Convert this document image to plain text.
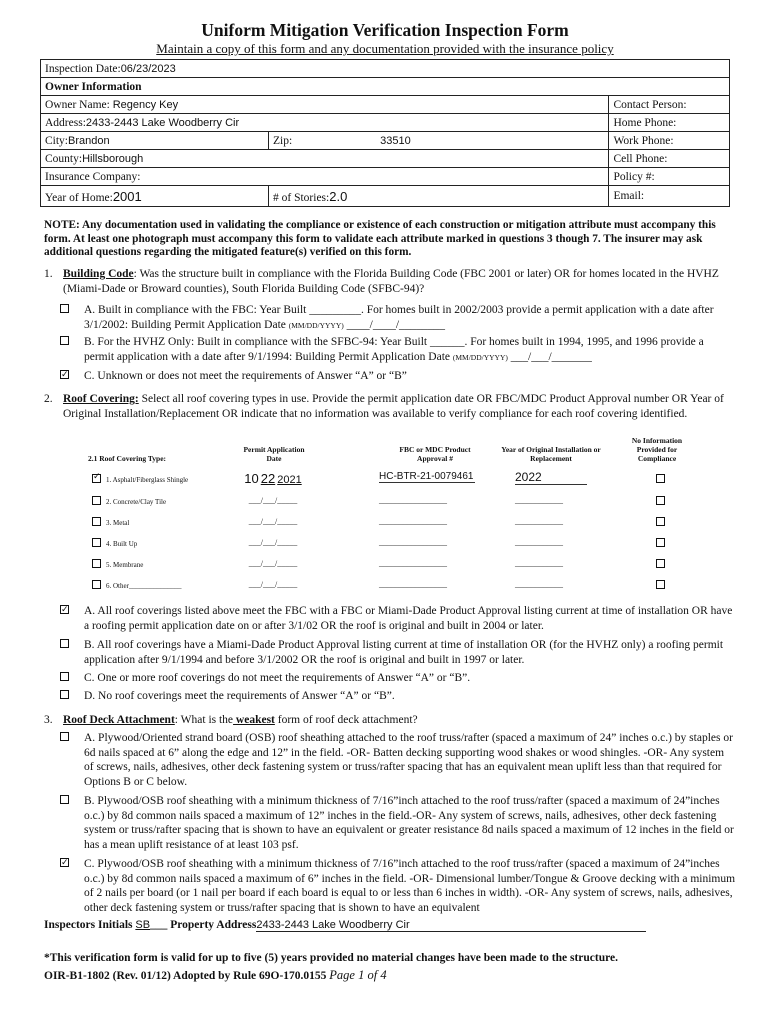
Uniform Mitigation Verification Inspection Form
Maintain a copy of this form and any documentation provided with the insurance policy
Inspection Date:06/23/2023		
Owner Information		
Owner Name: Regency Key		Contact Person:
Address:2433-2443 Lake Woodberry Cir		Home Phone:
City:Brandon	Zip: 33510	Work Phone:
County:Hillsborough		Cell Phone:
Insurance Company:		Policy #:
Year of Home:2001	# of Stories:2.0	Email:
NOTE: Any documentation used in validating the compliance or existence of each construction or mitigation attribute must accompany this form. At least one photograph must accompany this form to validate each attribute marked in questions 3 though 7. The insurer may ask additional questions regarding the mitigated feature(s) verified on this form.
1. Building Code: Was the structure built in compliance with the Florida Building Code (FBC 2001 or later) OR for homes located in the HVHZ (Miami-Dade or Broward counties), South Florida Building Code (SFBC-94)?
A. Built in compliance with the FBC: Year Built _________. For homes built in 2002/2003 provide a permit application with a date after 3/1/2002: Building Permit Application Date (MM/DD/YYYY) ____/____/________
B. For the HVHZ Only: Built in compliance with the SFBC-94: Year Built ______. For homes built in 1994, 1995, and 1996 provide a permit application with a date after 9/1/1994: Building Permit Application Date (MM/DD/YYYY) ___/___/_______
✓
C. Unknown or does not meet the requirements of Answer “A” or “B”
2. Roof Covering: Select all roof covering types in use. Provide the permit application date OR FBC/MDC Product Approval number OR Year of Original Installation/Replacement OR indicate that no information was available to verify compliance for each roof covering identified.
2.1 Roof Covering Type:
Permit Application Date
FBC or MDC Product Approval #
Year of Original Installation or Replacement
No Information Provided for Compliance
✓
1. Asphalt/Fiberglass Shingle	10 22 2021	HC-BTR-21-0079461	2022
2. Concrete/Clay Tile	___/___/_____	_________________	____________
3. Metal	___/___/_____	_________________	____________
4. Built Up	___/___/_____	_________________	____________
5. Membrane	___/___/_____	_________________	____________
6. Other_______________	___/___/_____	_________________	____________
✓
A. All roof coverings listed above meet the FBC with a FBC or Miami-Dade Product Approval listing current at time of installation OR have a roofing permit application date on or after 3/1/02 OR the roof is original and built in 2004 or later.
B. All roof coverings have a Miami-Dade Product Approval listing current at time of installation OR (for the HVHZ only) a roofing permit application after 9/1/1994 and before 3/1/2002 OR the roof is original and built in 1997 or later.
C. One or more roof coverings do not meet the requirements of Answer “A” or “B”.
D. No roof coverings meet the requirements of Answer “A” or “B”.
3. Roof Deck Attachment: What is the weakest form of roof deck attachment?
A. Plywood/Oriented strand board (OSB) roof sheathing attached to the roof truss/rafter (spaced a maximum of 24” inches o.c.) by staples or 6d nails spaced at 6” along the edge and 12” in the field. -OR- Batten decking supporting wood shakes or wood shingles. -OR- Any system of screws, nails, adhesives, other deck fastening system or truss/rafter spacing that has an equivalent mean uplift less than that required for Options B or C below.
B. Plywood/OSB roof sheathing with a minimum thickness of 7/16”inch attached to the roof truss/rafter (spaced a maximum of 24”inches o.c.) by 8d common nails spaced a maximum of 12” inches in the field.-OR- Any system of screws, nails, adhesives, other deck fastening system or truss/rafter spacing that is shown to have an equivalent or greater resistance 8d nails spaced a maximum of 12 inches in the field or has a mean uplift resistance of at least 103 psf.
✓
C. Plywood/OSB roof sheathing with a minimum thickness of 7/16”inch attached to the roof truss/rafter (spaced a maximum of 24”inches o.c.) by 8d common nails spaced a maximum of 6” inches in the field. -OR- Dimensional lumber/Tongue & Groove decking with a minimum of 2 nails per board (or 1 nail per board if each board is equal to or less than 6 inches in width). -OR- Any system of screws, nails, adhesives, other deck fastening system or truss/rafter spacing that is shown to have an equivalent
Inspectors Initials SB___ Property Address2433-2443 Lake Woodberry Cir
*This verification form is valid for up to five (5) years provided no material changes have been made to the structure.
OIR-B1-1802 (Rev. 01/12) Adopted by Rule 69O-170.0155 Page 1 of 4
